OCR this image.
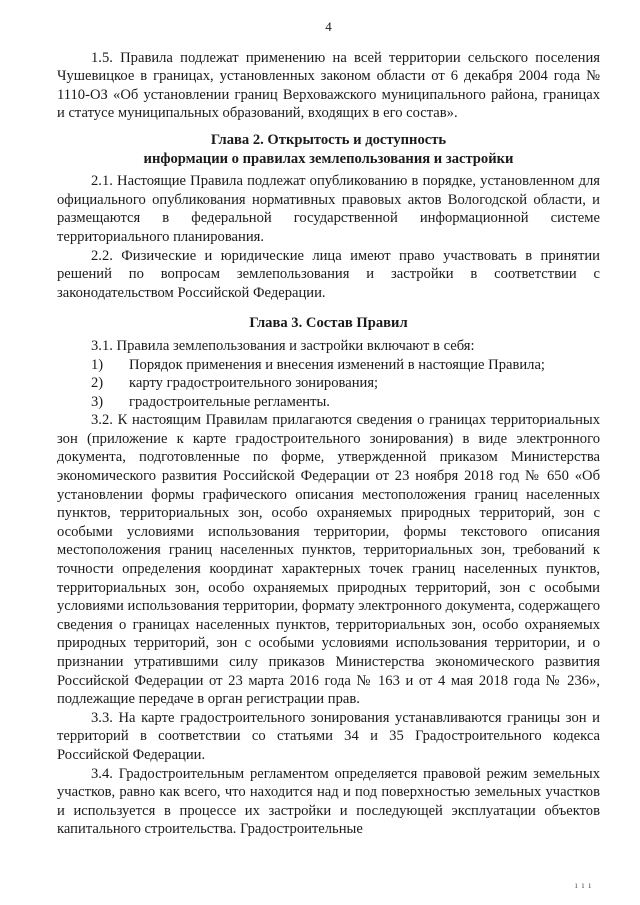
4

1.5. Правила подлежат применению на всей территории сельского поселения Чушевицкое в границах, установленных законом области от 6 декабря 2004 года № 1110-ОЗ «Об установлении границ Верховажского муниципального района, границах и статусе муниципальных образований, входящих в его состав».

Глава 2. Открытость и доступность
информации о правилах землепользования и застройки

2.1. Настоящие Правила подлежат опубликованию в порядке, установленном для официального опубликования нормативных правовых актов Вологодской области, и размещаются в федеральной государственной информационной системе территориального планирования.

2.2. Физические и юридические лица имеют право участвовать в принятии решений по вопросам землепользования и застройки в соответствии с законодательством Российской Федерации.

Глава 3. Состав Правил

3.1. Правила землепользования и застройки включают в себя:

1)	Порядок применения и внесения изменений в настоящие Правила;
2)	карту градостроительного зонирования;
3)	градостроительные регламенты.

3.2. К настоящим Правилам прилагаются сведения о границах территориальных зон (приложение к карте градостроительного зонирования) в виде электронного документа, подготовленные по форме, утвержденной приказом Министерства экономического развития Российской Федерации от 23 ноября 2018 год № 650 «Об установлении формы графического описания местоположения границ населенных пунктов, территориальных зон, особо охраняемых природных территорий, зон с особыми условиями использования территории, формы текстового описания местоположения границ населенных пунктов, территориальных зон, требований к точности определения координат характерных точек границ населенных пунктов, территориальных зон, особо охраняемых природных территорий, зон с особыми условиями использования территории, формату электронного документа, содержащего сведения о границах населенных пунктов, территориальных зон, особо охраняемых природных территорий, зон с особыми условиями использования территории, и о признании утратившими силу приказов Министерства экономического развития Российской Федерации от 23 марта 2016 года № 163 и от 4 мая 2018 года № 236», подлежащие передаче в орган регистрации прав.

3.3. На карте градостроительного зонирования устанавливаются границы зон и территорий в соответствии со статьями 34 и 35 Градостроительного кодекса Российской Федерации.

3.4. Градостроительным регламентом определяется правовой режим земельных участков, равно как всего, что находится над и под поверхностью земельных участков и используется в процессе их застройки и последующей эксплуатации объектов капитального строительства. Градостроительные

ı ı ı
